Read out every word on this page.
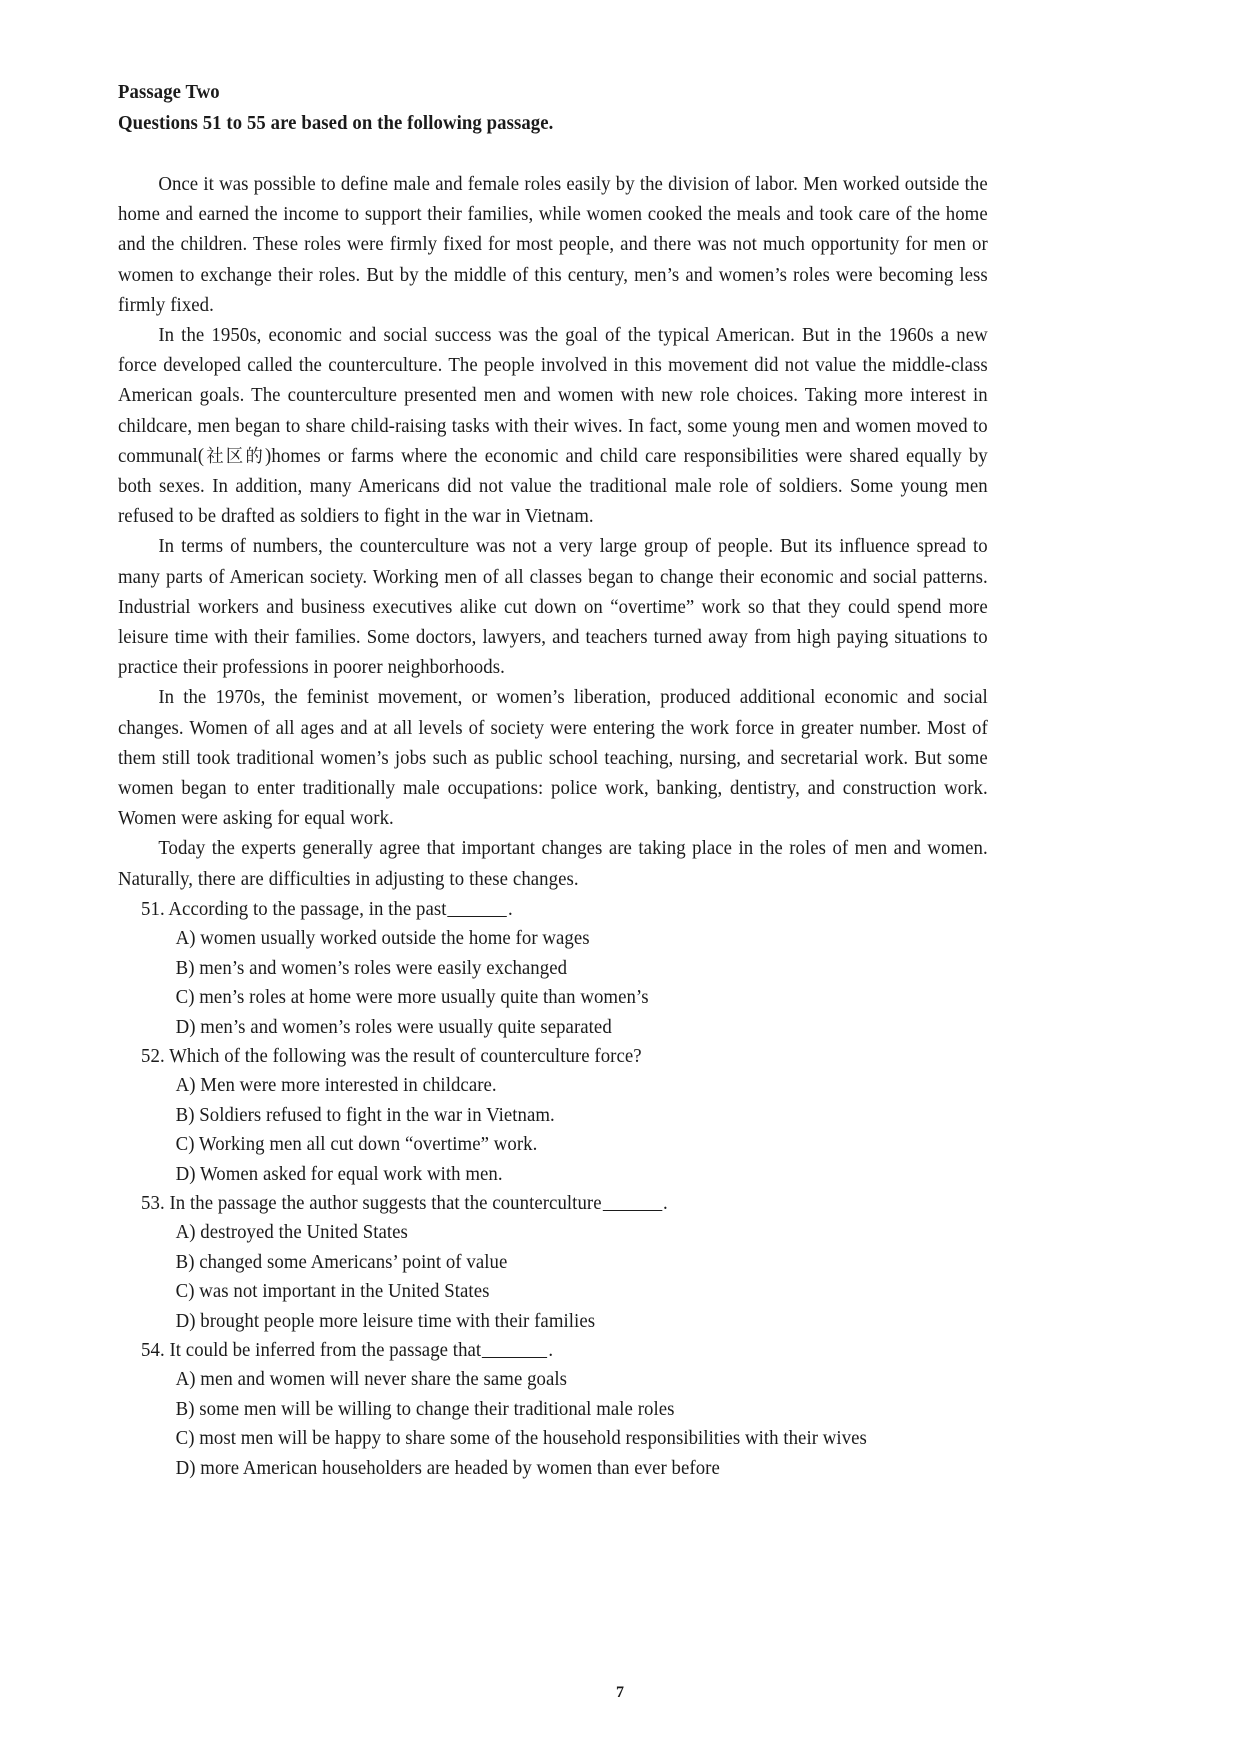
Passage Two
Questions 51 to 55 are based on the following passage.

Once it was possible to define male and female roles easily by the division of labor. Men worked outside the home and earned the income to support their families, while women cooked the meals and took care of the home and the children. These roles were firmly fixed for most people, and there was not much opportunity for men or women to exchange their roles. But by the middle of this century, men’s and women’s roles were becoming less firmly fixed.

In the 1950s, economic and social success was the goal of the typical American. But in the 1960s a new force developed called the counterculture. The people involved in this movement did not value the middle-class American goals. The counterculture presented men and women with new role choices. Taking more interest in childcare, men began to share child-raising tasks with their wives. In fact, some young men and women moved to communal(社区的)homes or farms where the economic and child care responsibilities were shared equally by both sexes. In addition, many Americans did not value the traditional male role of soldiers. Some young men refused to be drafted as soldiers to fight in the war in Vietnam.

In terms of numbers, the counterculture was not a very large group of people. But its influence spread to many parts of American society. Working men of all classes began to change their economic and social patterns. Industrial workers and business executives alike cut down on “overtime” work so that they could spend more leisure time with their families. Some doctors, lawyers, and teachers turned away from high paying situations to practice their professions in poorer neighborhoods.

In the 1970s, the feminist movement, or women’s liberation, produced additional economic and social changes. Women of all ages and at all levels of society were entering the work force in greater number. Most of them still took traditional women’s jobs such as public school teaching, nursing, and secretarial work. But some women began to enter traditionally male occupations: police work, banking, dentistry, and construction work. Women were asking for equal work.

Today the experts generally agree that important changes are taking place in the roles of men and women. Naturally, there are difficulties in adjusting to these changes.

51. According to the passage, in the past	.
A) women usually worked outside the home for wages
B) men’s and women’s roles were easily exchanged
C) men’s roles at home were more usually quite than women’s
D) men’s and women’s roles were usually quite separated
52. Which of the following was the result of counterculture force?
A) Men were more interested in childcare.
B) Soldiers refused to fight in the war in Vietnam.
C) Working men all cut down “overtime” work.
D) Women asked for equal work with men.
53. In the passage the author suggests that the counterculture	.
A) destroyed the United States
B) changed some Americans’ point of value
C) was not important in the United States
D) brought people more leisure time with their families
54. It could be inferred from the passage that	.
A) men and women will never share the same goals
B) some men will be willing to change their traditional male roles
C) most men will be happy to share some of the household responsibilities with their wives
D) more American householders are headed by women than ever before
7
